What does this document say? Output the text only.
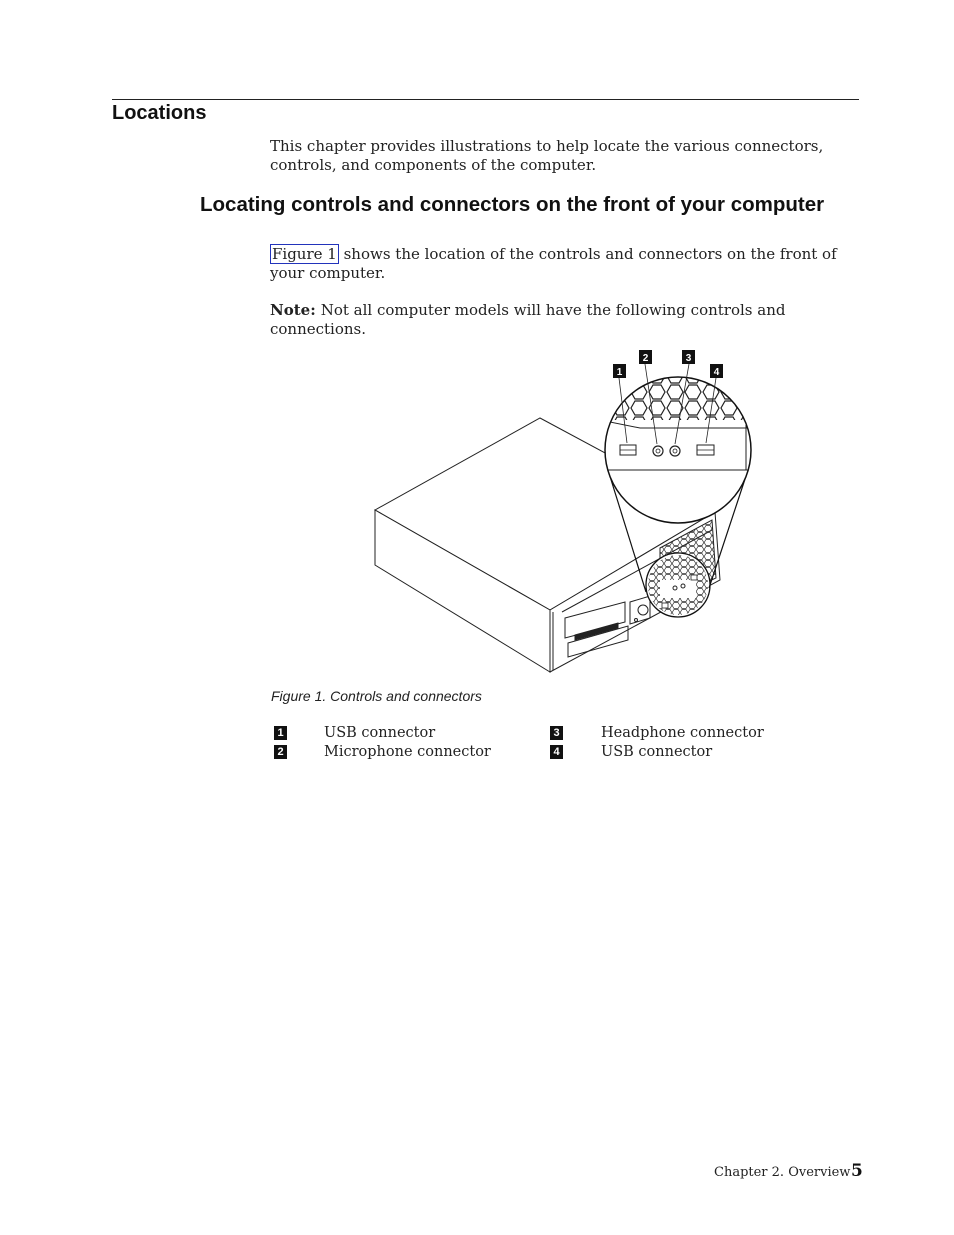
Locations

This chapter provides illustrations to help locate the various connectors, controls, and components of the computer.

Locating controls and connectors on the front of your computer

Figure 1 shows the location of the controls and connectors on the front of your computer.

Note: Not all computer models will have the following controls and connections.

1
2	3
4

Figure 1. Controls and connectors

1	USB connector
2	Microphone connector
3	Headphone connector
4	USB connector
Chapter 2. Overview 5
